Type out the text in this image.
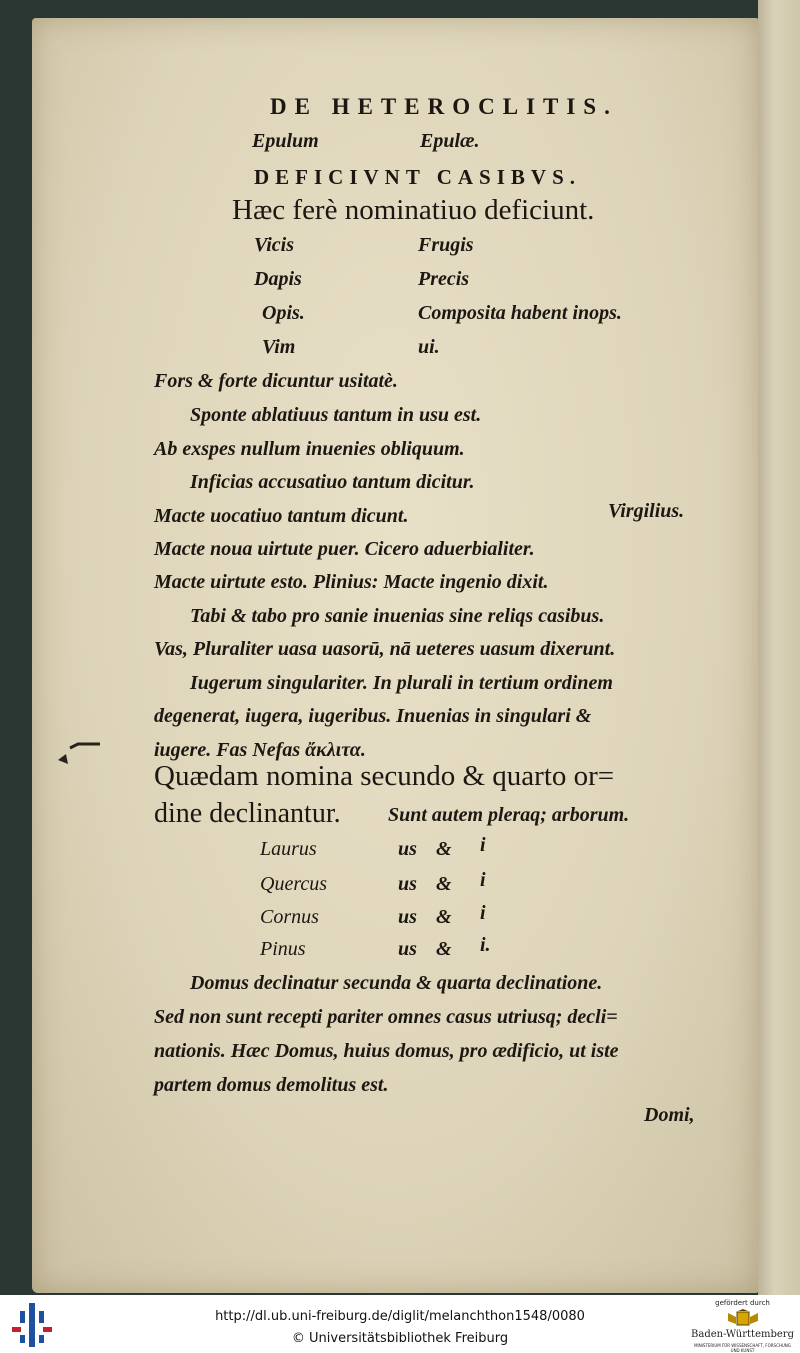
DE HETEROCLITIS.
Epulum	Epulæ.
DEFICIVNT CASIBVS.
Hæc ferè nominatiuo deficiunt.
Vicis	Frugis
Dapis	Precis
Opis.	Composita habent inops.
Vim	ui.
Fors & forte dicuntur usitatè.
Sponte ablatiuus tantum in usu est.
Ab exspes nullum inuenies obliquum.
Inficias accusatiuo tantum dicitur.
Macte uocatiuo tantum dicunt.	Virgilius.
Macte noua uirtute puer. Cicero aduerbialiter.
Macte uirtute esto. Plinius: Macte ingenio dixit.
Tabi & tabo pro sanie inuenias sine reliqs casibus.
Vas, Pluraliter uasa uasorū, nā ueteres uasum dixerunt.
Iugerum singulariter. In plurali in tertium ordinem
degenerat, iugera, iugeribus. Inuenias in singulari &
iugere. Fas Nefas ἄκλιτα.
Quædam nomina secundo & quarto or=
dine declinantur. Sunt autem pleraq; arborum.
Laurus	us & i
Quercus	us & i
Cornus	us & i
Pinus	us & i.
Domus declinatur secunda & quarta declinatione.
Sed non sunt recepti pariter omnes casus utriusq; decli=
nationis. Hæc Domus, huius domus, pro ædificio, ut iste
partem domus demolitus est.
Domi,
http://dl.ub.uni-freiburg.de/diglit/melanchthon1548/0080
© Universitätsbibliothek Freiburg
gefördert durch
Baden-Württemberg
MINISTERIUM FÜR WISSENSCHAFT, FORSCHUNG UND KUNST
